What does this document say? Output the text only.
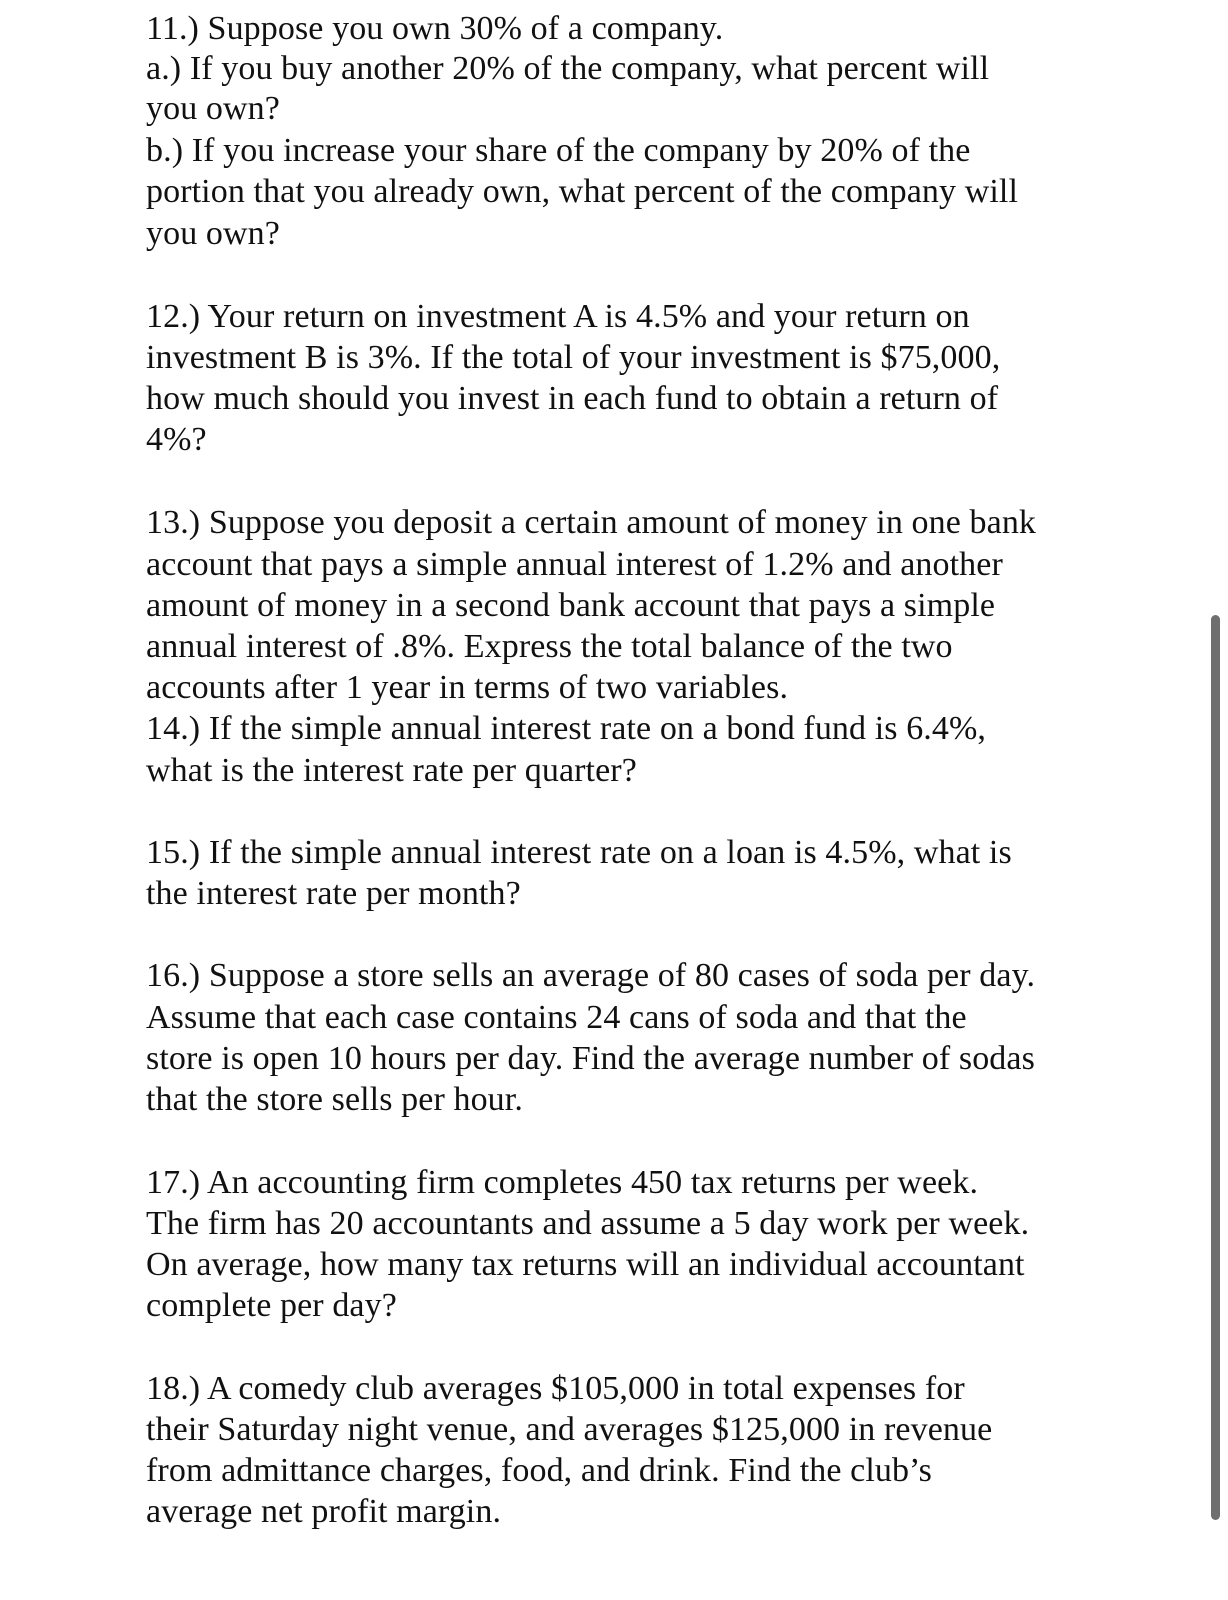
11.) Suppose you own 30% of a company.
a.) If you buy another 20% of the company, what percent will
you own?
b.) If you increase your share of the company by 20% of the
portion that you already own, what percent of the company will
you own?
12.) Your return on investment A is 4.5% and your return on
investment B is 3%. If the total of your investment is $75,000,
how much should you invest in each fund to obtain a return of
4%?
13.) Suppose you deposit a certain amount of money in one bank
account that pays a simple annual interest of 1.2% and another
amount of money in a second bank account that pays a simple
annual interest of .8%. Express the total balance of the two
accounts after 1 year in terms of two variables.
14.) If the simple annual interest rate on a bond fund is 6.4%,
what is the interest rate per quarter?
15.) If the simple annual interest rate on a loan is 4.5%, what is
the interest rate per month?
16.) Suppose a store sells an average of 80 cases of soda per day.
Assume that each case contains 24 cans of soda and that the
store is open 10 hours per day. Find the average number of sodas
that the store sells per hour.
17.) An accounting firm completes 450 tax returns per week.
The firm has 20 accountants and assume a 5 day work per week.
On average, how many tax returns will an individual accountant
complete per day?
18.) A comedy club averages $105,000 in total expenses for
their Saturday night venue, and averages $125,000 in revenue
from admittance charges, food, and drink. Find the club’s
average net profit margin.
